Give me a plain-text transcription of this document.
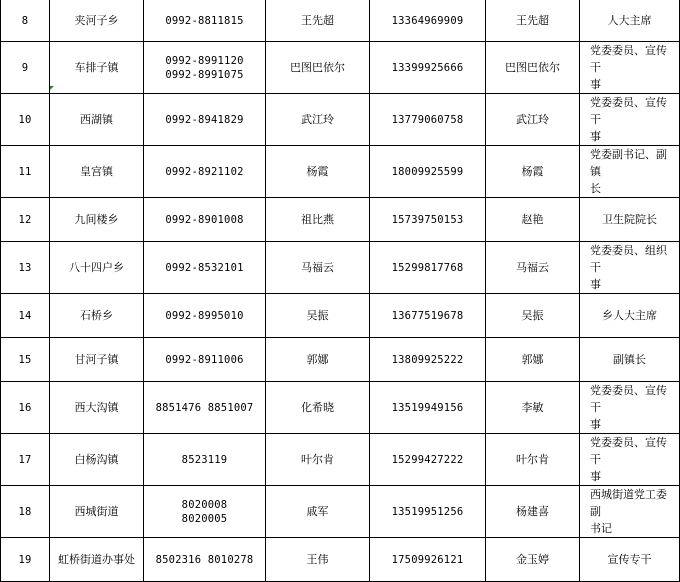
8	夹河子乡	0992-8811815	王先超	13364969909	王先超	人大主席

9	车排子镇	0992-8991120
0992-8991075	巴图巴依尔	13399925666	巴图巴依尔	党委委员、宣传干
事

10	西湖镇	0992-8941829	武江玲	13779060758	武江玲	党委委员、宣传干
事

11	皇宫镇	0992-8921102	杨霞	18009925599	杨霞	党委副书记、副镇
长

12	九间楼乡	0992-8901008	祖比燕	15739750153	赵艳	卫生院院长

13	八十四户乡	0992-8532101	马福云	15299817768	马福云	党委委员、组织干
事

14	石桥乡	0992-8995010	吴振	13677519678	吴振	乡人大主席

15	甘河子镇	0992-8911006	郭娜	13809925222	郭娜	副镇长

16	西大沟镇	8851476 8851007	化希晓	13519949156	李敏	党委委员、宣传干
事

17	白杨沟镇	8523119	叶尔肯	15299427222	叶尔肯	党委委员、宣传干
事

18	西城街道	8020008
8020005	戚军	13519951256	杨建喜	西城街道党工委副
书记

19	虹桥街道办事处	8502316 8010278	王伟	17509926121	金玉婷	宣传专干
